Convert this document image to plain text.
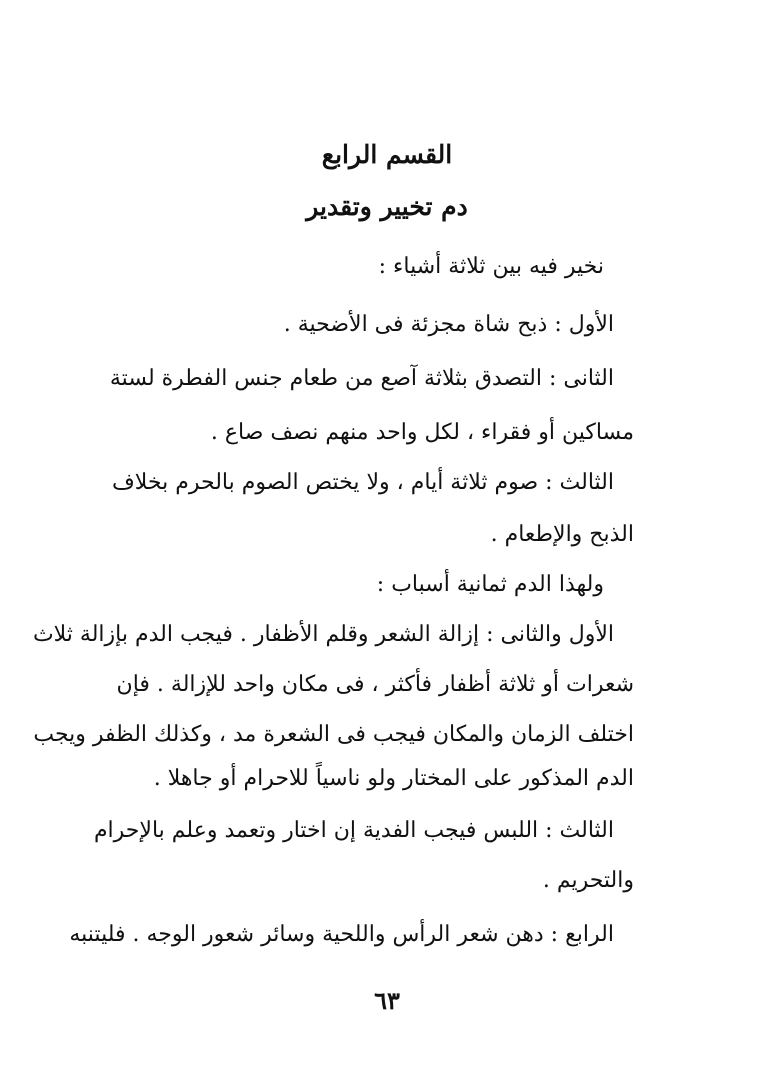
القسم الرابع
دم تخيير وتقدير
نخير فيه بين ثلاثة أشياء :
الأول : ذبح شاة مجزئة فى الأضحية .
الثانى : التصدق بثلاثة آصع من طعام جنس الفطرة لستة
مساكين أو فقراء ، لكل واحد منهم نصف صاع .
الثالث : صوم ثلاثة أيام ، ولا يختص الصوم بالحرم بخلاف
الذبح والإطعام .
ولهذا الدم ثمانية أسباب :
الأول والثانى : إزالة الشعر وقلم الأظفار . فيجب الدم بإزالة ثلاث
شعرات أو ثلاثة أظفار فأكثر ، فى مكان واحد للإزالة . فإن
اختلف الزمان والمكان فيجب فى الشعرة مد ، وكذلك الظفر ويجب
الدم المذكور على المختار ولو ناسياً للاحرام أو جاهلا .
الثالث : اللبس فيجب الفدية إن اختار وتعمد وعلم بالإحرام
والتحريم .
الرابع : دهن شعر الرأس واللحية وسائر شعور الوجه . فليتنبه
٦٣
